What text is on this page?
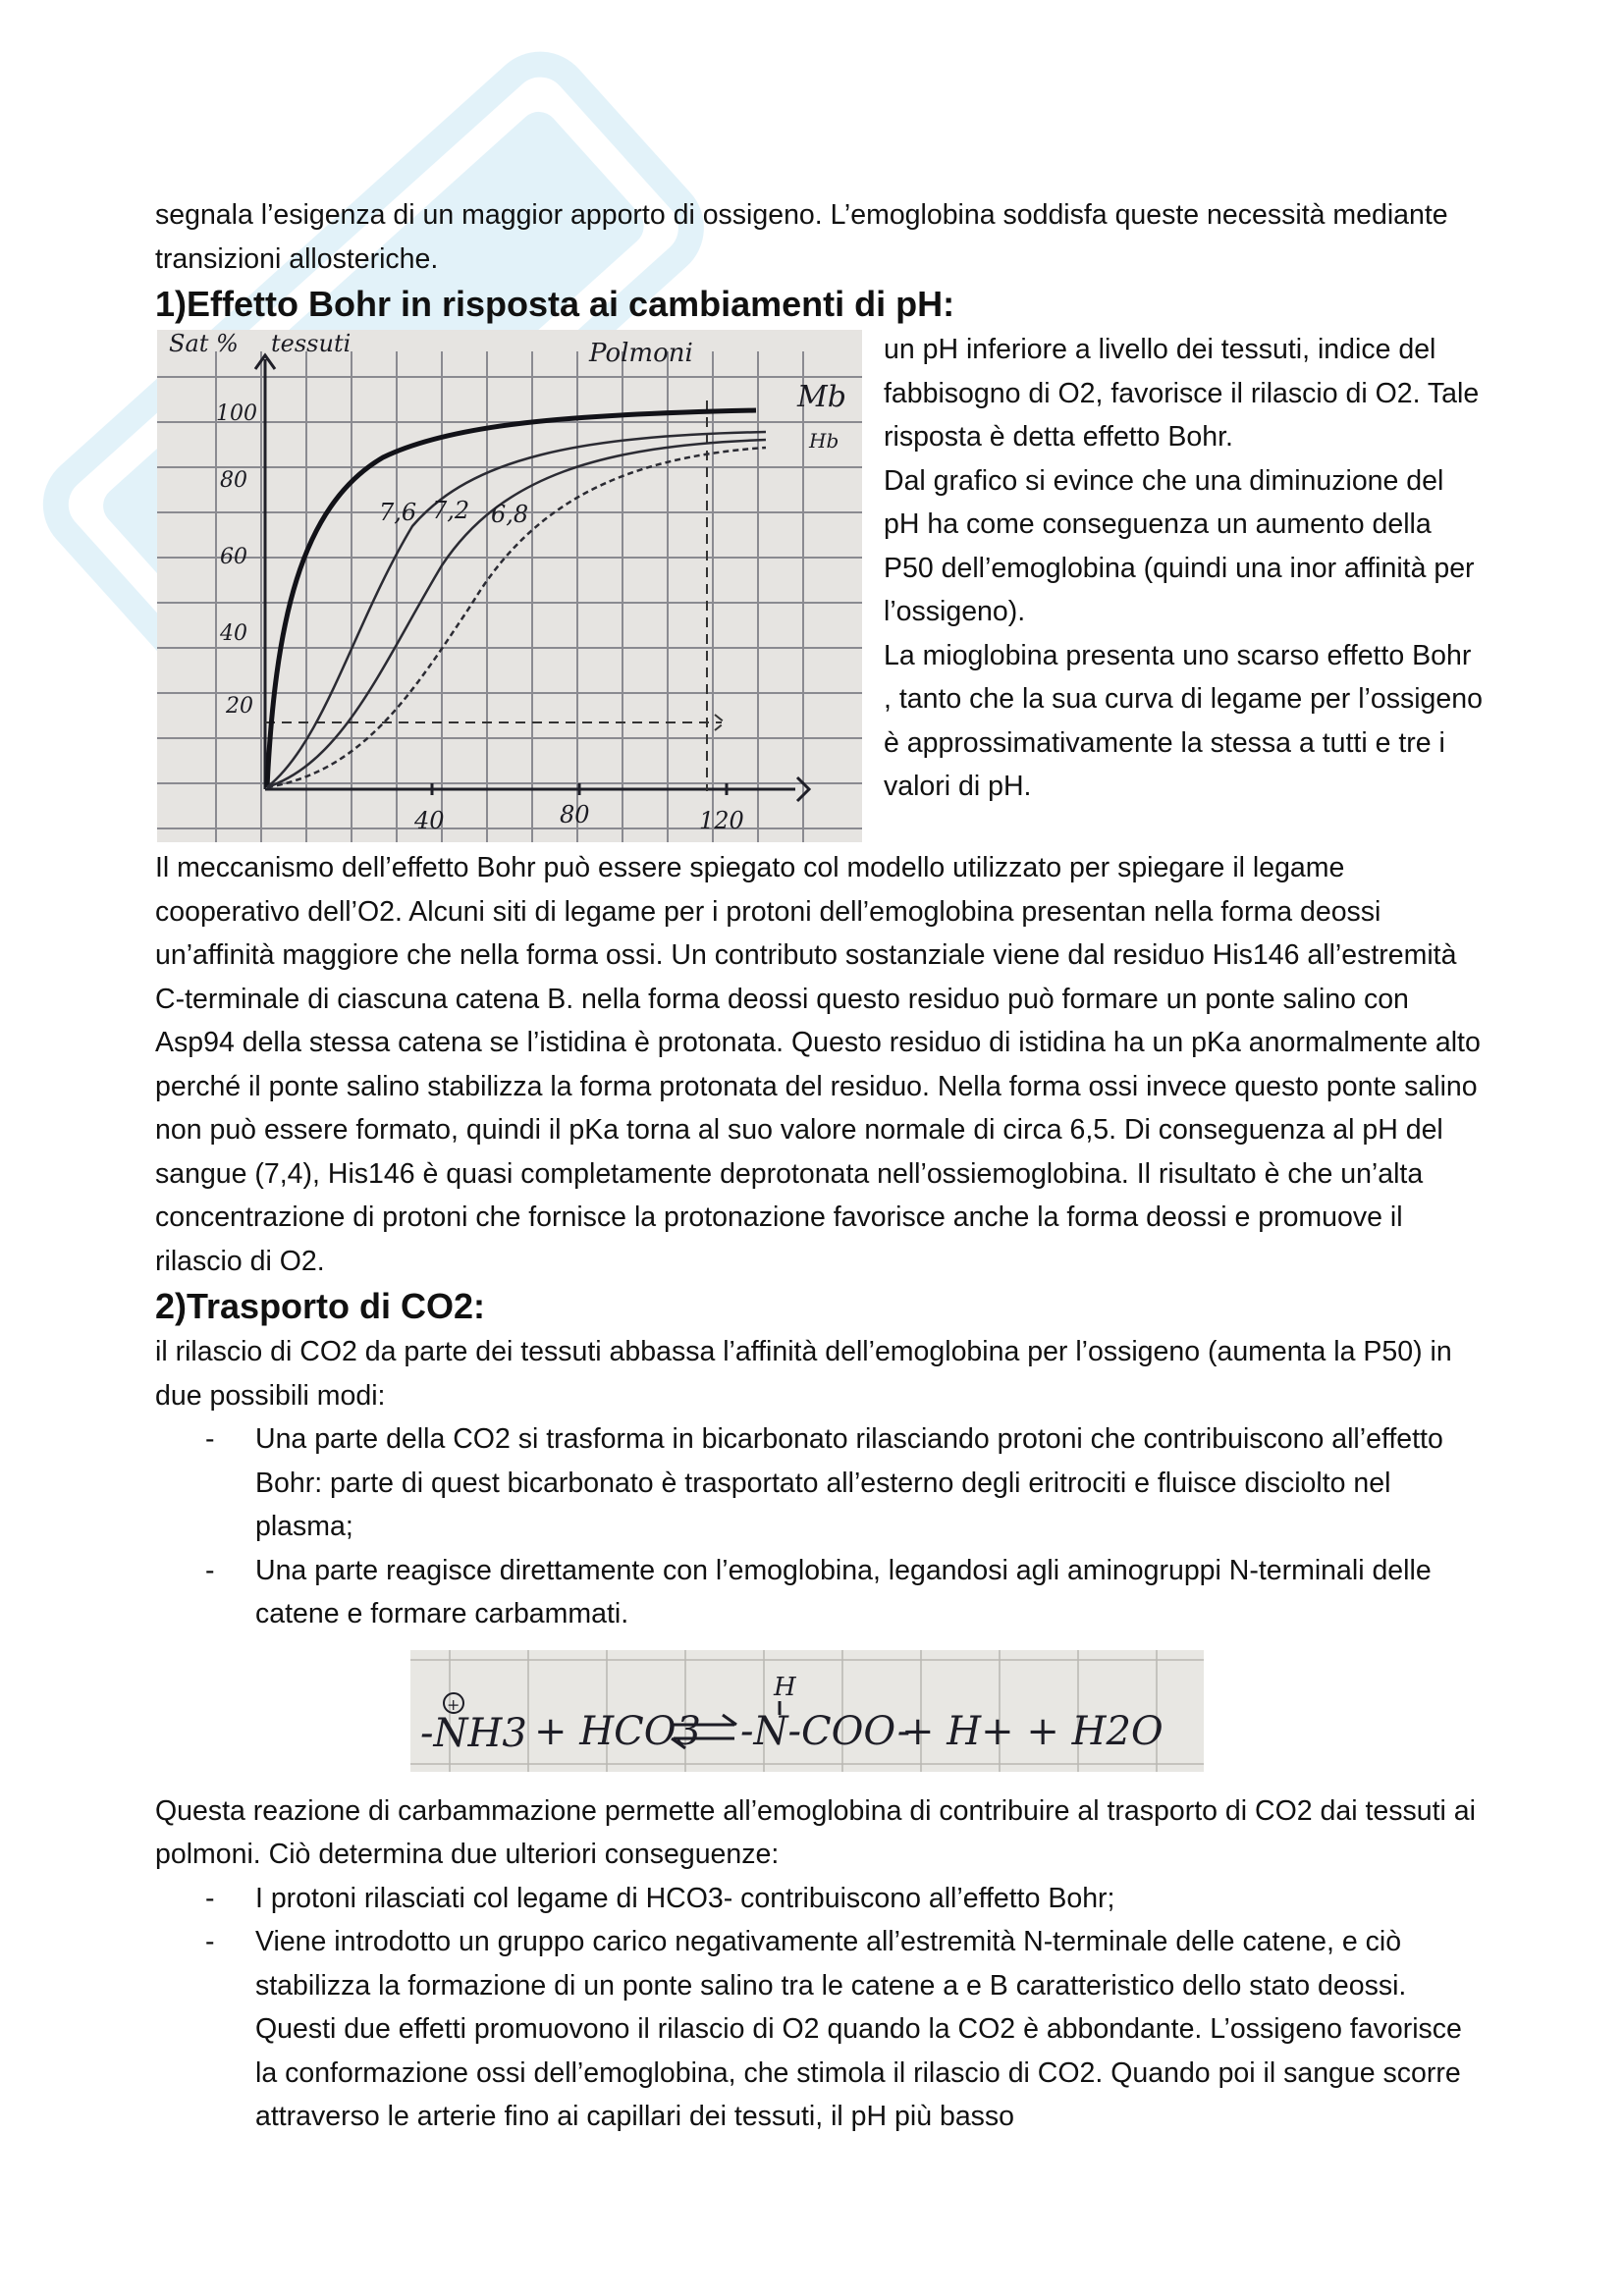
segnala l’esigenza di un maggior apporto di ossigeno. L’emoglobina soddisfa queste necessità mediante transizioni allosteriche.

1)Effetto Bohr in risposta ai cambiamenti di pH:
Sat % tessuti	Polmoni
Mb
Hb
100
80
60
40
20
40	80	120
7,6 7,2 6,8

un pH inferiore a livello dei tessuti, indice del fabbisogno di O2, favorisce il rilascio di O2. Tale risposta è detta effetto Bohr.

Dal grafico si evince che una diminuzione del pH ha come conseguenza un aumento della P50 dell’emoglobina (quindi una inor affinità per l’ossigeno).

La mioglobina presenta uno scarso effetto Bohr , tanto che la sua curva di legame per l’ossigeno è approssimativamente la stessa a tutti e tre i valori di pH.

Il meccanismo dell’effetto Bohr può essere spiegato col modello utilizzato per spiegare il legame cooperativo dell’O2. Alcuni siti di legame per i protoni dell’emoglobina presentan nella forma deossi un’affinità maggiore che nella forma ossi. Un contributo sostanziale viene dal residuo His146 all’estremità C-terminale di ciascuna catena B. nella forma deossi questo residuo può formare un ponte salino con Asp94 della stessa catena se l’istidina è protonata. Questo residuo di istidina ha un pKa anormalmente alto perché il ponte salino stabilizza la forma protonata del residuo. Nella forma ossi invece questo ponte salino non può essere formato, quindi il pKa torna al suo valore normale di circa 6,5. Di conseguenza al pH del sangue (7,4), His146 è quasi completamente deprotonata nell’ossiemoglobina. Il risultato è che un’alta concentrazione di protoni che fornisce la protonazione favorisce anche la forma deossi e promuove il rilascio di O2.

2)Trasporto di CO2:

il rilascio di CO2 da parte dei tessuti abbassa l’affinità dell’emoglobina per l’ossigeno (aumenta la P50) in due possibili modi:

- Una parte della CO2 si trasforma in bicarbonato rilasciando protoni che contribuiscono all’effetto Bohr: parte di quest bicarbonato è trasportato all’esterno degli eritrociti e fluisce disciolto nel plasma;
- Una parte reagisce direttamente con l’emoglobina, legandosi agli aminogruppi N-terminali delle catene e formare carbammati.
+
-NH3 + HCO3
H
-N-COO-
+ H+ + H2O

Questa reazione di carbammazione permette all’emoglobina di contribuire al trasporto di CO2 dai tessuti ai polmoni. Ciò determina due ulteriori conseguenze:

- I protoni rilasciati col legame di HCO3- contribuiscono all’effetto Bohr;
- Viene introdotto un gruppo carico negativamente all’estremità N-terminale delle catene, e ciò stabilizza la formazione di un ponte salino tra le catene a e B caratteristico dello stato deossi. Questi due effetti promuovono il rilascio di O2 quando la CO2 è abbondante. L’ossigeno favorisce la conformazione ossi dell’emoglobina, che stimola il rilascio di CO2. Quando poi il sangue scorre attraverso le arterie fino ai capillari dei tessuti, il pH più basso
